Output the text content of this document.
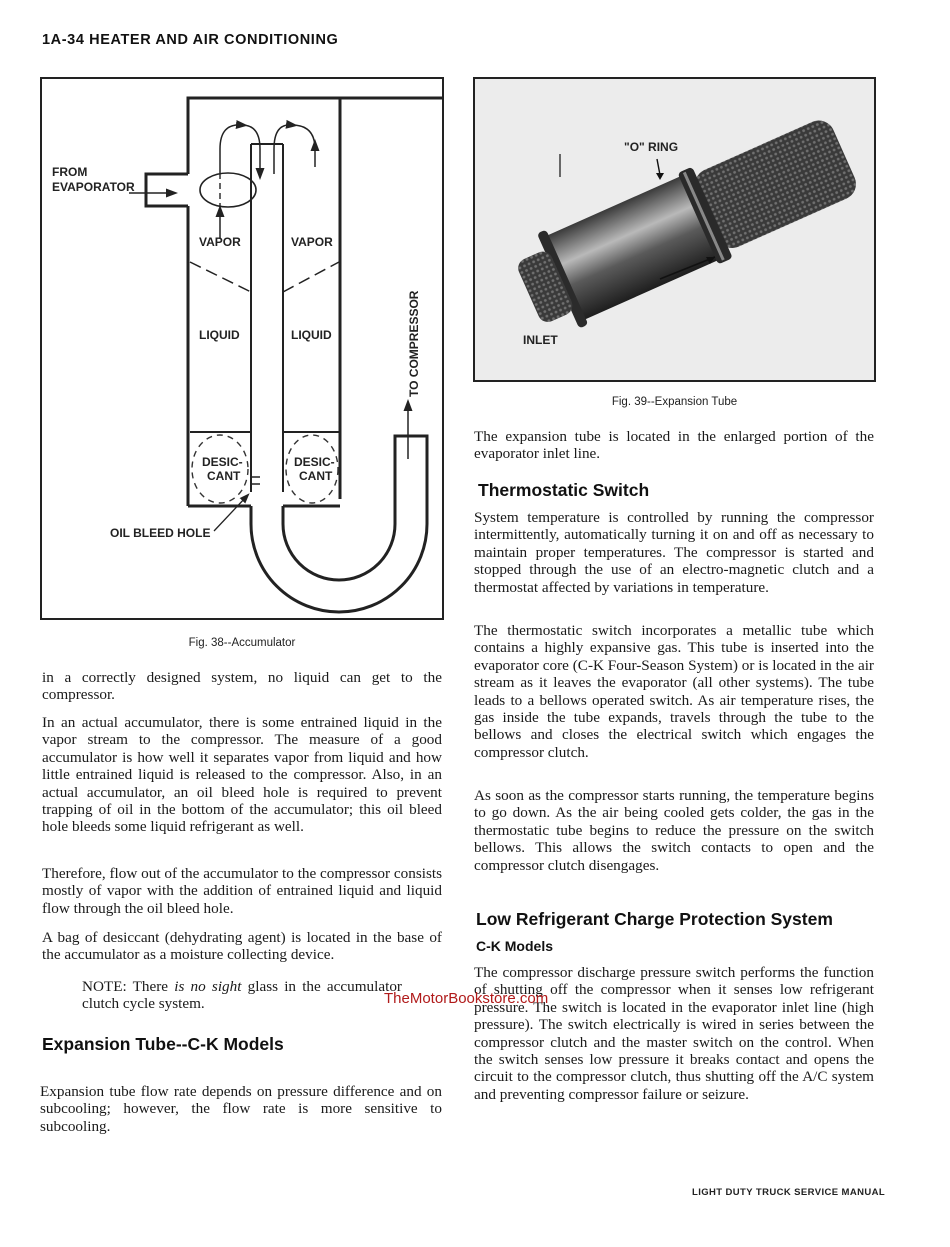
1A-34 HEATER AND AIR CONDITIONING
FROM
EVAPORATOR
VAPOR	VAPOR
LIQUID	LIQUID
DESIC-
CANT
DESIC-
CANT
OIL BLEED HOLE
TO COMPRESSOR
Fig. 38--Accumulator
"O" RING
INLET
Fig. 39--Expansion Tube
in a correctly designed system, no liquid can get to the compressor.
In an actual accumulator, there is some entrained liquid in the vapor stream to the compressor. The measure of a good accumulator is how well it separates vapor from liquid and how little entrained liquid is released to the compressor. Also, in an actual accumulator, an oil bleed hole is required to prevent trapping of oil in the bottom of the accumulator; this oil bleed hole bleeds some liquid refrigerant as well.
Therefore, flow out of the accumulator to the compressor consists mostly of vapor with the addition of entrained liquid and liquid flow through the oil bleed hole.
A bag of desiccant (dehydrating agent) is located in the base of the accumulator as a moisture collecting device.
NOTE: There is no sight glass in the accumulator clutch cycle system.
Expansion Tube--C-K Models
Expansion tube flow rate depends on pressure difference and on subcooling; however, the flow rate is more sensitive to subcooling.
The expansion tube is located in the enlarged portion of the evaporator inlet line.
Thermostatic Switch
System temperature is controlled by running the compressor intermittently, automatically turning it on and off as necessary to maintain proper temperatures. The compressor is started and stopped through the use of an electro-magnetic clutch and a thermostat affected by variations in temperature.
The thermostatic switch incorporates a metallic tube which contains a highly expansive gas. This tube is inserted into the evaporator core (C-K Four-Season System) or is located in the air stream as it leaves the evaporator (all other systems). The tube leads to a bellows operated switch. As air temperature rises, the gas inside the tube expands, travels through the tube to the bellows and closes the electrical switch which engages the compressor clutch.
As soon as the compressor starts running, the temperature begins to go down. As the air being cooled gets colder, the gas in the thermostatic tube begins to reduce the pressure on the switch bellows. This allows the switch contacts to open and the compressor clutch disengages.
Low Refrigerant Charge Protection System
C-K Models
The compressor discharge pressure switch performs the function of shutting off the compressor when it senses low refrigerant pressure. The switch is located in the evaporator inlet line (high pressure). The switch electrically is wired in series between the compressor clutch and the master switch on the control. When the switch senses low pressure it breaks contact and opens the circuit to the compressor clutch, thus shutting off the A/C system and preventing compressor failure or seizure.
TheMotorBookstore.com
LIGHT DUTY TRUCK SERVICE MANUAL
